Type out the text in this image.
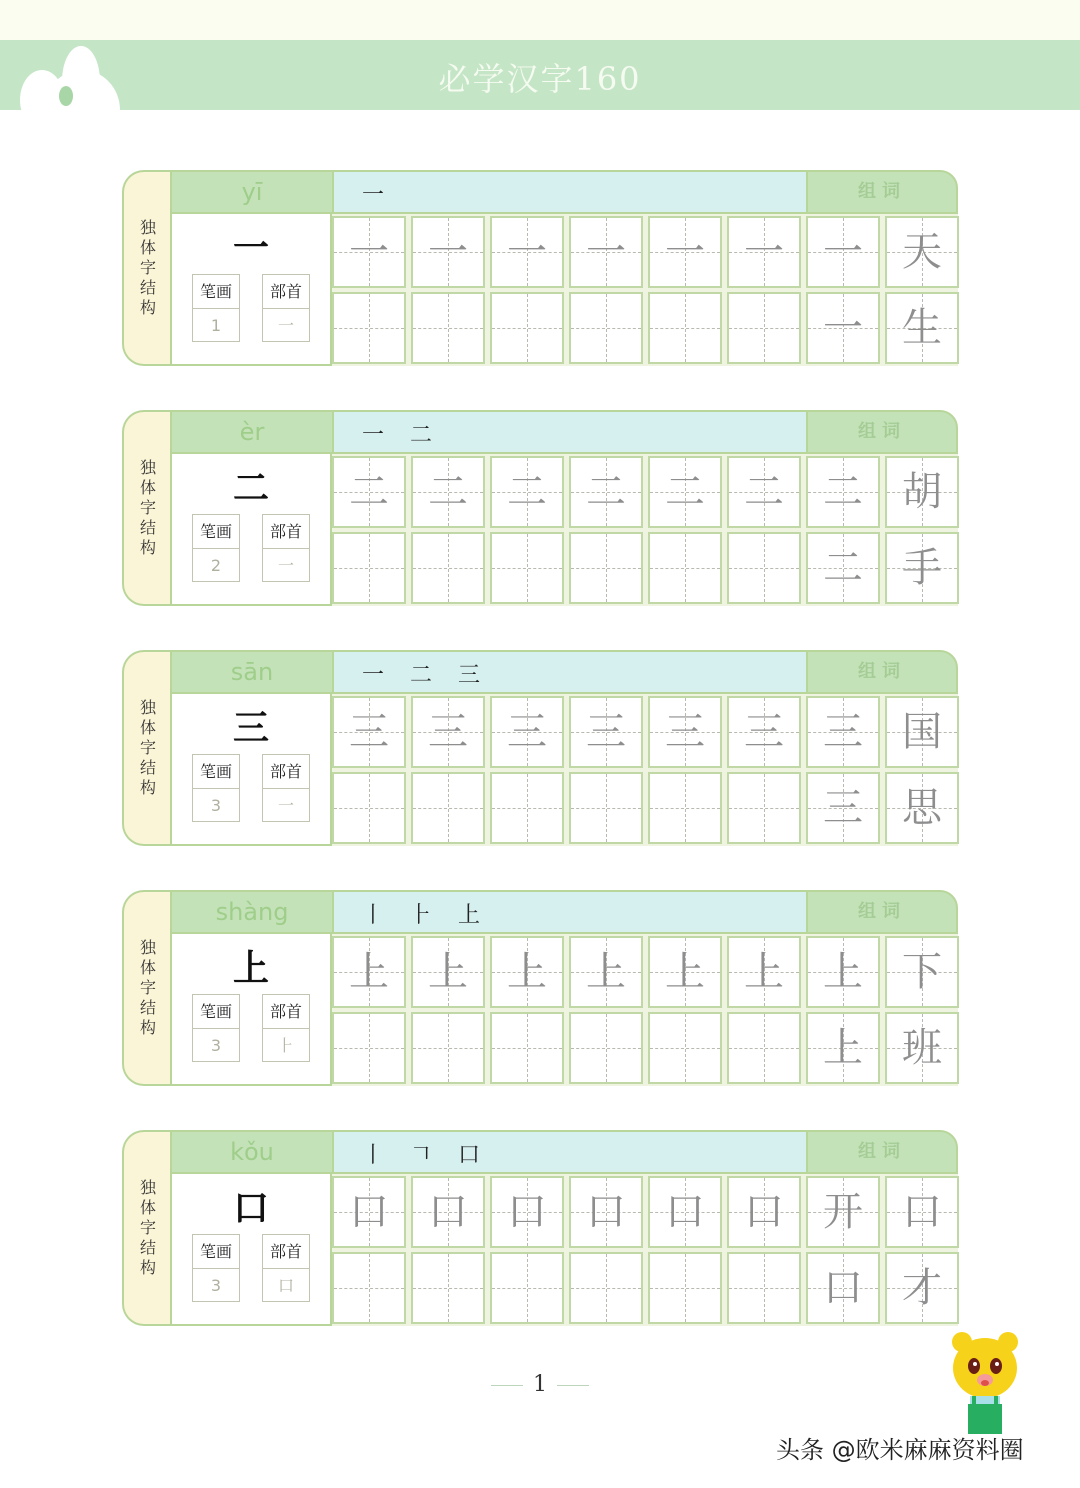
必学汉字160
独
体
字
结
构
yī	一	组词
一
笔画
1
部首
一
一 一 一 一 一 一 一 天
一 生
独
体
字
结
构
èr	一 二	组词
二
笔画
2
部首
一
二 二 二 二 二 二 二 胡
二 手
独
体
字
结
构
sān	一 二 三	组词
三
笔画
3
部首
一
三 三 三 三 三 三 三 国
三 思
独
体
字
结
构
shàng	丨 ⺊ 上	组词
上
笔画
3
部首
⺊
上 上 上 上 上 上 上 下
上 班
独
体
字
结
构
kǒu	丨 𠃍 口	组词
口
笔画
3
部首
口
口 口 口 口 口 口 开 口
口 才
1
头条 @欧米麻麻资料圈
